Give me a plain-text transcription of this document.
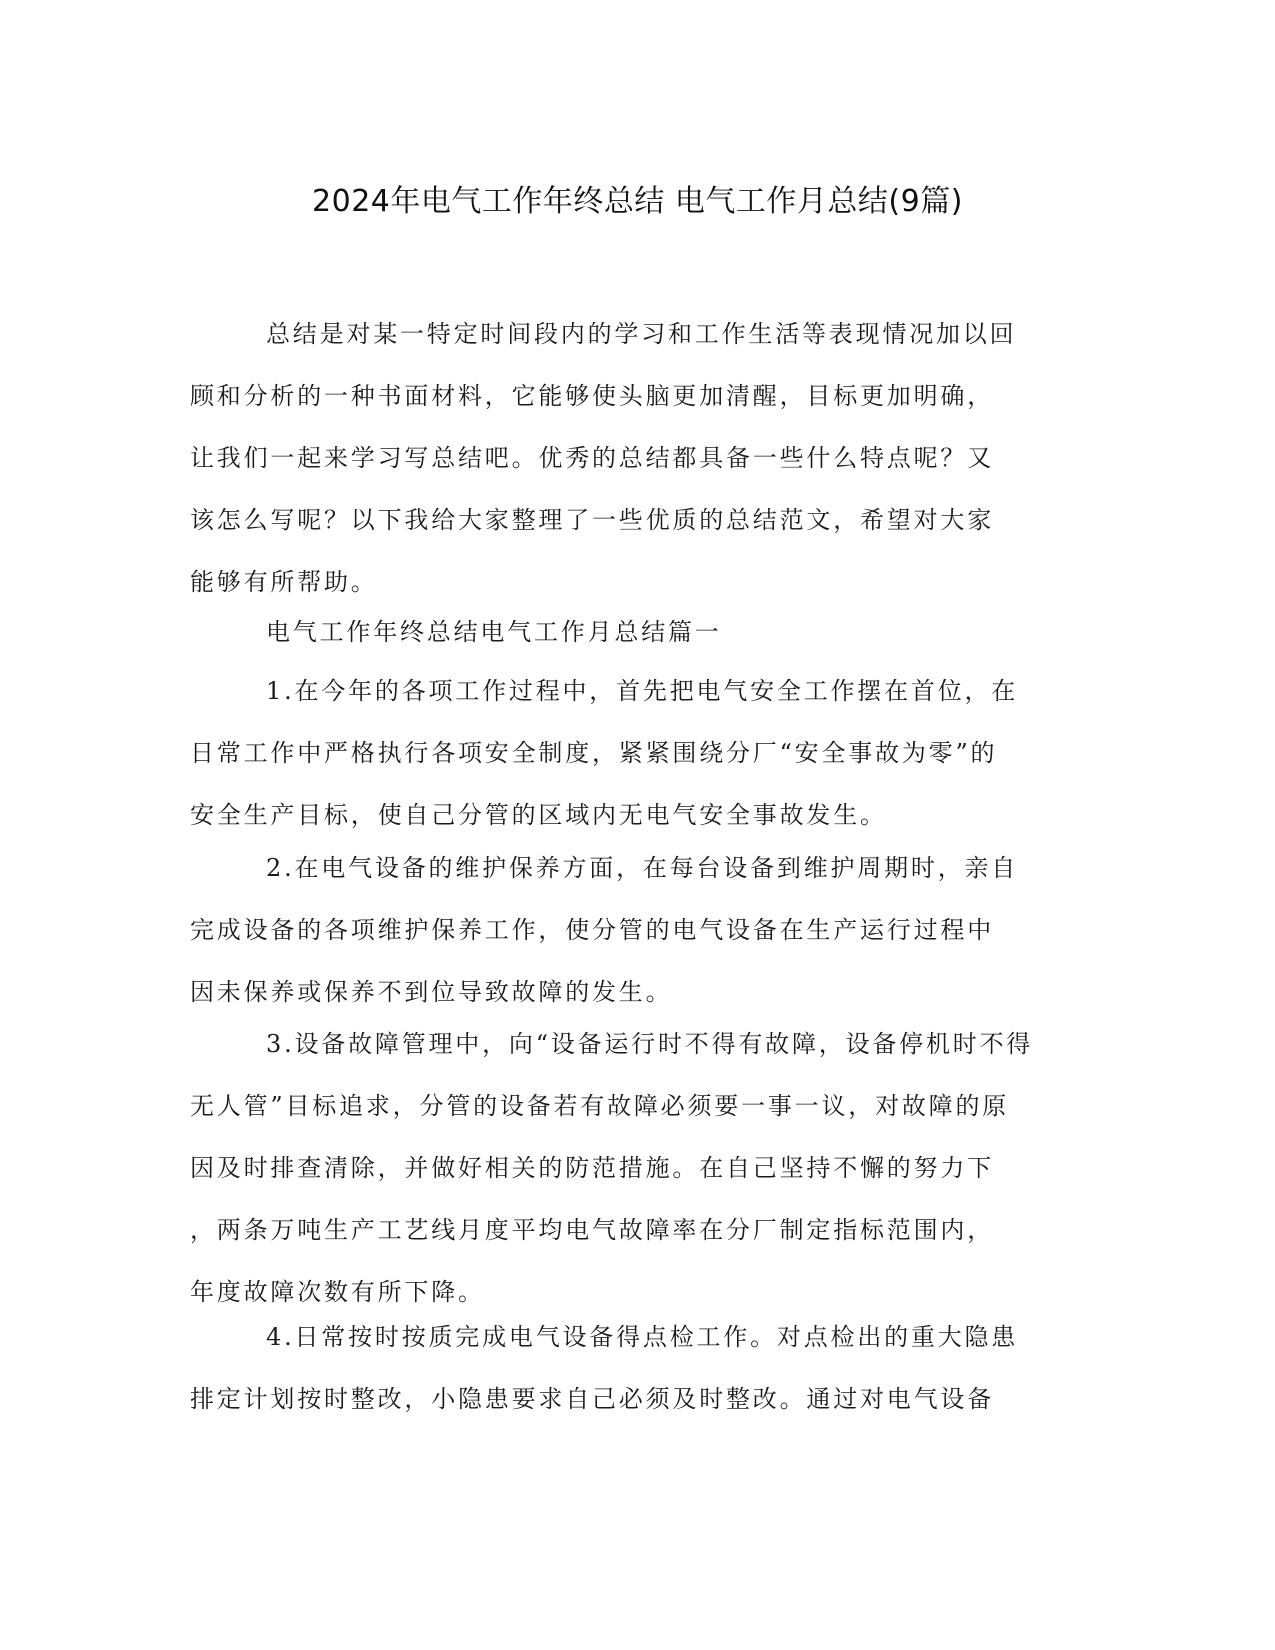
2024年电气工作年终总结 电气工作月总结(9篇)
总结是对某一特定时间段内的学习和工作生活等表现情况加以回
顾和分析的一种书面材料，它能够使头脑更加清醒，目标更加明确，
让我们一起来学习写总结吧。优秀的总结都具备一些什么特点呢？又
该怎么写呢？以下我给大家整理了一些优质的总结范文，希望对大家
能够有所帮助。
电气工作年终总结电气工作月总结篇一
1.在今年的各项工作过程中，首先把电气安全工作摆在首位，在
日常工作中严格执行各项安全制度，紧紧围绕分厂“安全事故为零”的
安全生产目标，使自己分管的区域内无电气安全事故发生。
2.在电气设备的维护保养方面，在每台设备到维护周期时，亲自
完成设备的各项维护保养工作，使分管的电气设备在生产运行过程中
因未保养或保养不到位导致故障的发生。
3.设备故障管理中，向“设备运行时不得有故障，设备停机时不得
无人管”目标追求，分管的设备若有故障必须要一事一议，对故障的原
因及时排查清除，并做好相关的防范措施。在自己坚持不懈的努力下
，两条万吨生产工艺线月度平均电气故障率在分厂制定指标范围内，
年度故障次数有所下降。
4.日常按时按质完成电气设备得点检工作。对点检出的重大隐患
排定计划按时整改，小隐患要求自己必须及时整改。通过对电气设备
